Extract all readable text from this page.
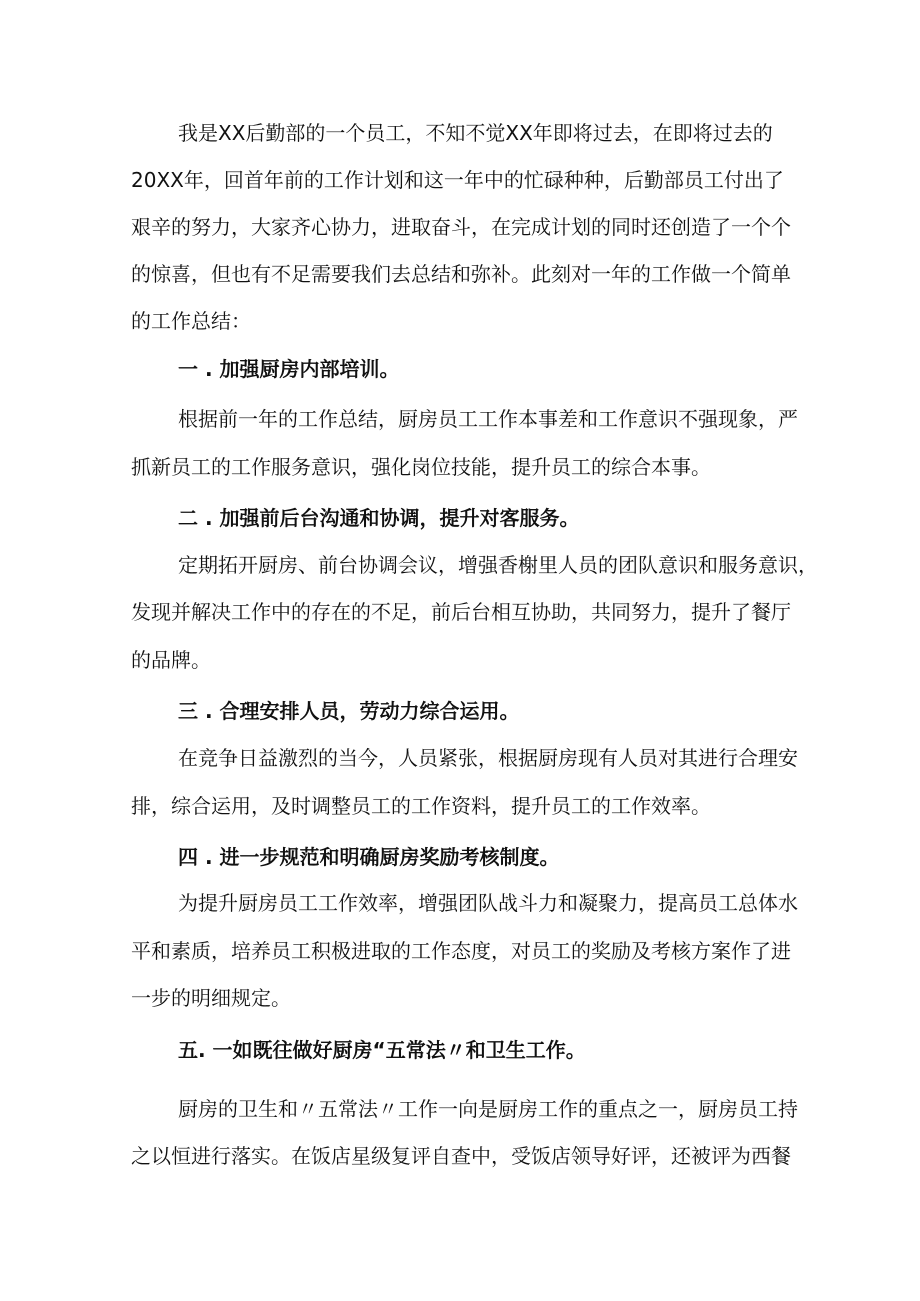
我是XX后勤部的一个员工，不知不觉XX年即将过去，在即将过去的
20XX年，回首年前的工作计划和这一年中的忙碌种种，后勤部员工付出了
艰辛的努力，大家齐心协力，进取奋斗，在完成计划的同时还创造了一个个
的惊喜，但也有不足需要我们去总结和弥补。此刻对一年的工作做一个简单
的工作总结：
一 . 加强厨房内部培训。
根据前一年的工作总结，厨房员工工作本事差和工作意识不强现象，严
抓新员工的工作服务意识，强化岗位技能，提升员工的综合本事。
二 . 加强前后台沟通和协调，提升对客服务。
定期拓开厨房、前台协调会议，增强香榭里人员的团队意识和服务意识，
发现并解决工作中的存在的不足，前后台相互协助，共同努力，提升了餐厅
的品牌。
三 . 合理安排人员，劳动力综合运用。
在竞争日益激烈的当今，人员紧张，根据厨房现有人员对其进行合理安
排，综合运用，及时调整员工的工作资料，提升员工的工作效率。
四 . 进一步规范和明确厨房奖励考核制度。
为提升厨房员工工作效率，增强团队战斗力和凝聚力，提高员工总体水
平和素质，培养员工积极进取的工作态度，对员工的奖励及考核方案作了进
一步的明细规定。
五. 一如既往做好厨房“五常法〃和卫生工作。
厨房的卫生和〃五常法〃工作一向是厨房工作的重点之一，厨房员工持
之以恒进行落实。在饭店星级复评自查中，受饭店领导好评，还被评为西餐
